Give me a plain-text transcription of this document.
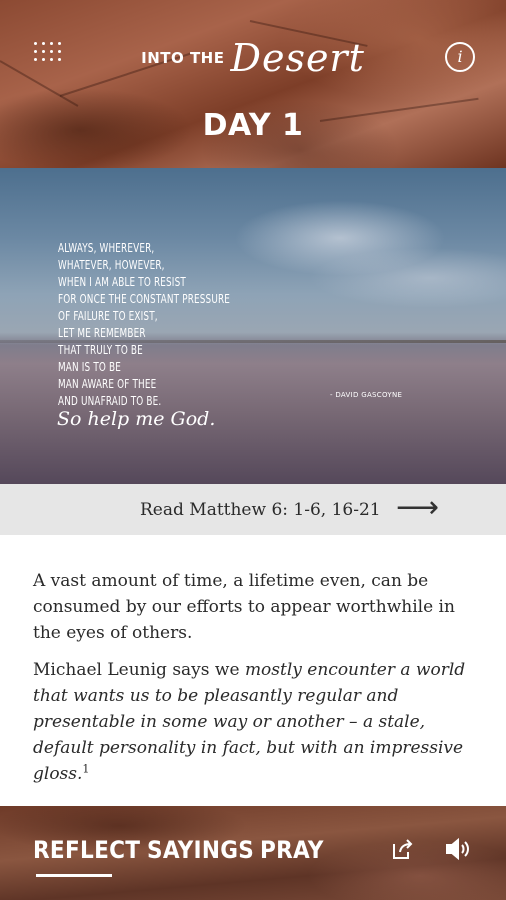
INTO THE Desert	i
DAY 1
ALWAYS, WHEREVER,
WHATEVER, HOWEVER,
WHEN I AM ABLE TO RESIST
FOR ONCE THE CONSTANT PRESSURE
OF FAILURE TO EXIST,
LET ME REMEMBER
THAT TRULY TO BE
MAN IS TO BE
MAN AWARE OF THEE
AND UNAFRAID TO BE.
So help me God.
- DAVID GASCOYNE
Read Matthew 6: 1-6, 16-21 ⟶

A vast amount of time, a lifetime even, can be consumed by our efforts to appear worthwhile in the eyes of others.

Michael Leunig says we mostly encounter a world that wants us to be pleasantly regular and presentable in some way or another – a stale, default personality in fact, but with an impressive gloss.$^1$

REFLECT SAYINGS PRAY
